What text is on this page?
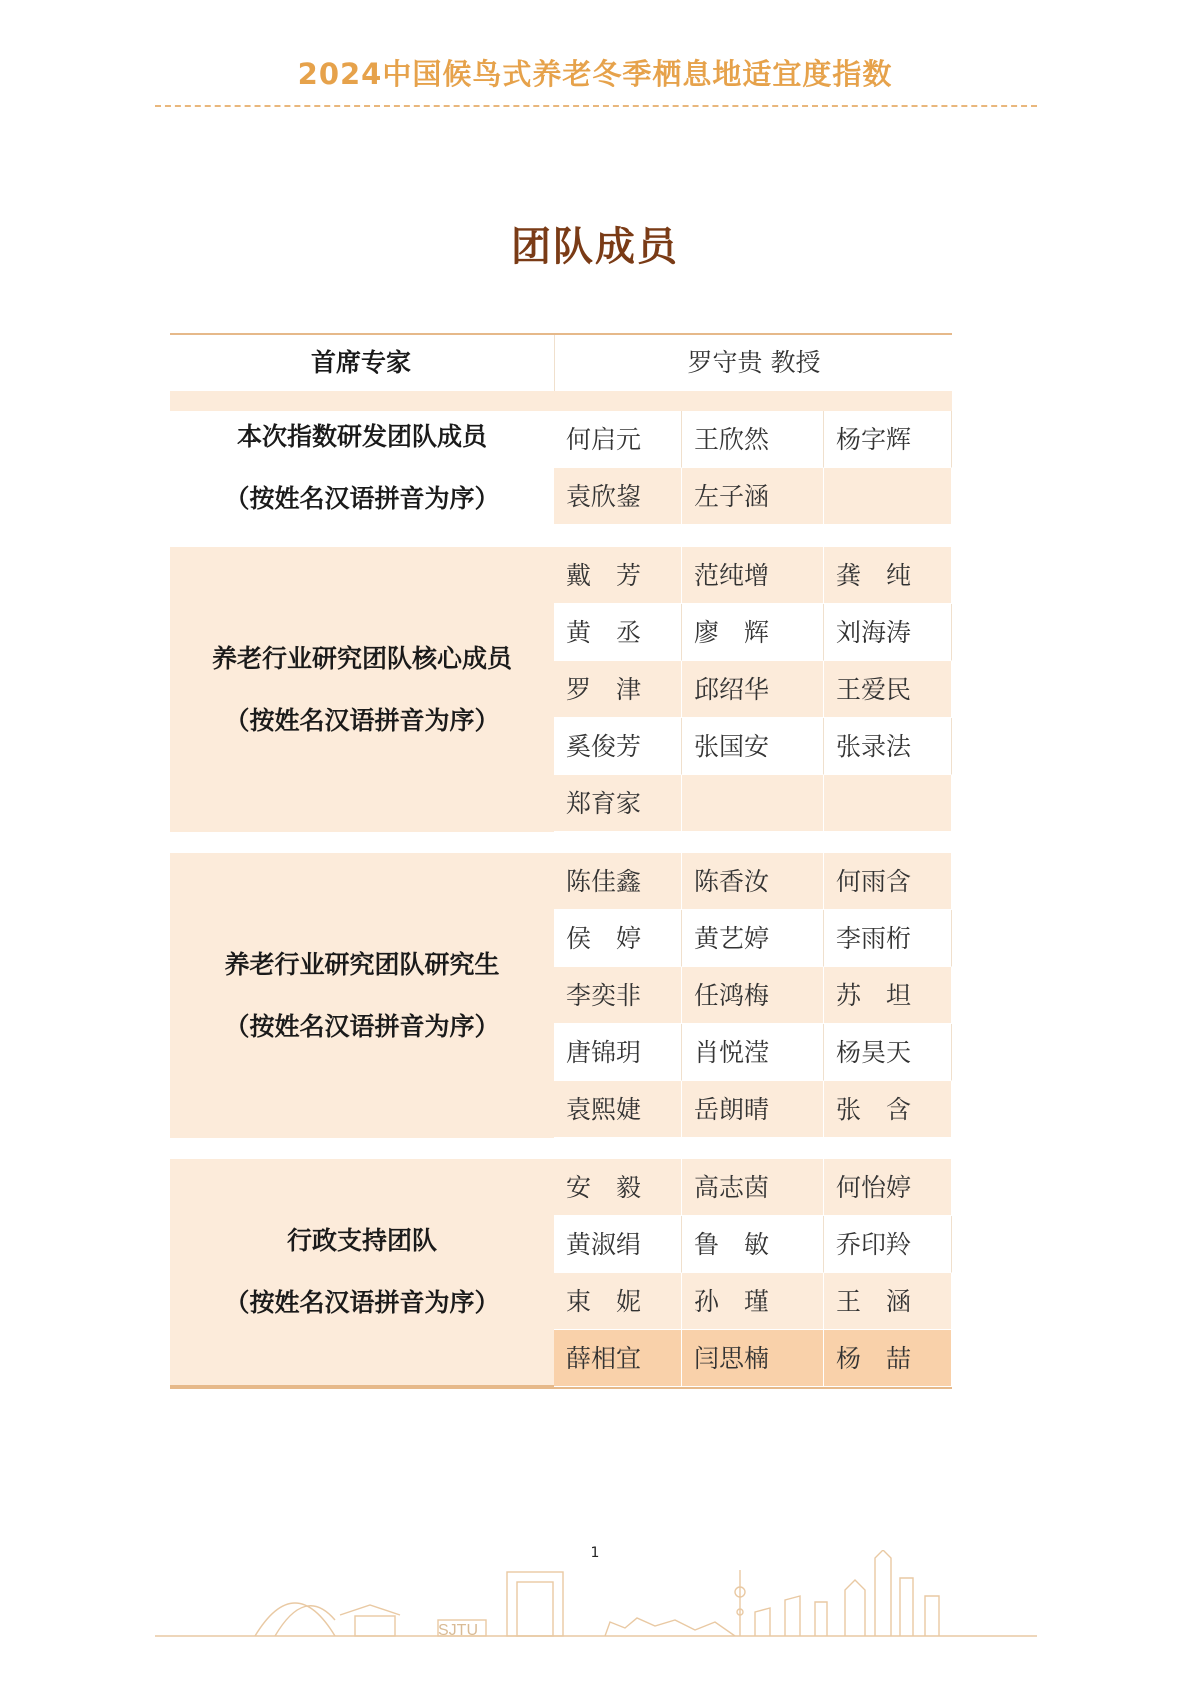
2024中国候鸟式养老冬季栖息地适宜度指数
团队成员
首席专家	罗守贵 教授
本次指数研发团队成员
（按姓名汉语拼音为序）
何启元	王欣然	杨字辉
袁欣鋆	左子涵
养老行业研究团队核心成员
（按姓名汉语拼音为序）
戴　芳	范纯增	龚　纯
黄　丞	廖　辉	刘海涛
罗　津	邱绍华	王爱民
奚俊芳	张国安	张录法
郑育家
养老行业研究团队研究生
（按姓名汉语拼音为序）
陈佳鑫	陈香汝	何雨含
侯　婷	黄艺婷	李雨桁
李奕非	任鸿梅	苏　坦
唐锦玥	肖悦滢	杨昊天
袁熙婕	岳朗晴	张　含
行政支持团队
（按姓名汉语拼音为序）
安　毅	高志茵	何怡婷
黄淑绢	鲁　敏	乔印羚
束　妮	孙　瑾	王　涵
薛相宜	闫思楠	杨　喆
1
SJTU
